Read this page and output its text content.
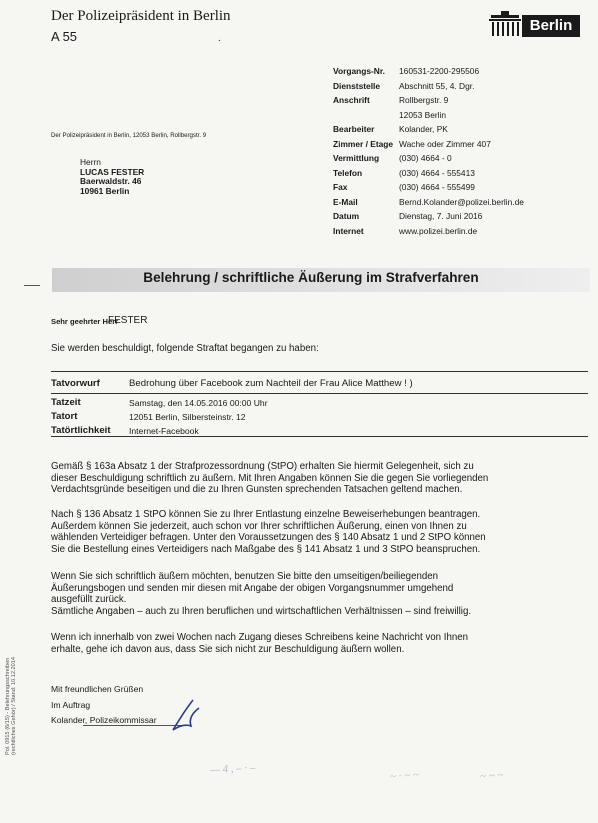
Der Polizeipräsident in Berlin
A 55	.
Berlin
Vorgangs-Nr.	160531-2200-295506
Dienststelle	Abschnitt 55, 4. Dgr.
Anschrift	Rollbergstr. 9
12053 Berlin
Bearbeiter	Kolander, PK
Zimmer / Etage Wache oder Zimmer 407
Vermittlung	(030) 4664 - 0
Telefon	(030) 4664 - 555413
Fax	(030) 4664 - 555499
E-Mail	Bernd.Kolander@polizei.berlin.de
Datum	Dienstag, 7. Juni 2016
Internet	www.polizei.berlin.de
Der Polizeipräsident in Berlin, 12053 Berlin, Rollbergstr. 9
Herrn
LUCAS FESTER
Baerwaldstr. 46
10961 Berlin
Belehrung / schriftliche Äußerung im Strafverfahren
Sehr geehrter Herr
FESTER
Sie werden beschuldigt, folgende Straftat begangen zu haben:
Tatvorwurf	Bedrohung über Facebook zum Nachteil der Frau Alice Matthew ! )
Tatzeit	Samstag, den 14.05.2016 00:00 Uhr
Tatort	12051 Berlin, Silbersteinstr. 12
Tatörtlichkeit Internet-Facebook
Gemäß § 163a Absatz 1 der Strafprozessordnung (StPO) erhalten Sie hiermit Gelegenheit, sich zu
dieser Beschuldigung schriftlich zu äußern. Mit Ihren Angaben können Sie die gegen Sie vorliegenden
Verdachtsgründe beseitigen und die zu Ihren Gunsten sprechenden Tatsachen geltend machen.
Nach § 136 Absatz 1 StPO können Sie zu Ihrer Entlastung einzelne Beweiserhebungen beantragen.
Außerdem können Sie jederzeit, auch schon vor Ihrer schriftlichen Äußerung, einen von Ihnen zu
wählenden Verteidiger befragen. Unter den Voraussetzungen des § 140 Absatz 1 und 2 StPO können
Sie die Bestellung eines Verteidigers nach Maßgabe des § 141 Absatz 1 und 3 StPO beanspruchen.
Wenn Sie sich schriftlich äußern möchten, benutzen Sie bitte den umseitigen/beiliegenden
Äußerungsbogen und senden mir diesen mit Angabe der obigen Vorgangsnummer umgehend
ausgefüllt zurück.
Sämtliche Angaben – auch zu Ihren beruflichen und wirtschaftlichen Verhältnissen – sind freiwillig.
Wenn ich innerhalb von zwei Wochen nach Zugang dieses Schreibens keine Nachricht von Ihnen
erhalte, gehe ich davon aus, dass Sie sich nicht zur Beschuldigung äußern wollen.
Mit freundlichen Grüßen
Im Auftrag
Kolander, Polizeikommissar
— 4 , – · –	~ · ~ ~	~ ~ ~
Pol. 0915 (6/15) - Belehrungsschreiben (rechtliches Gehör) / Stand: 10.12.2014
